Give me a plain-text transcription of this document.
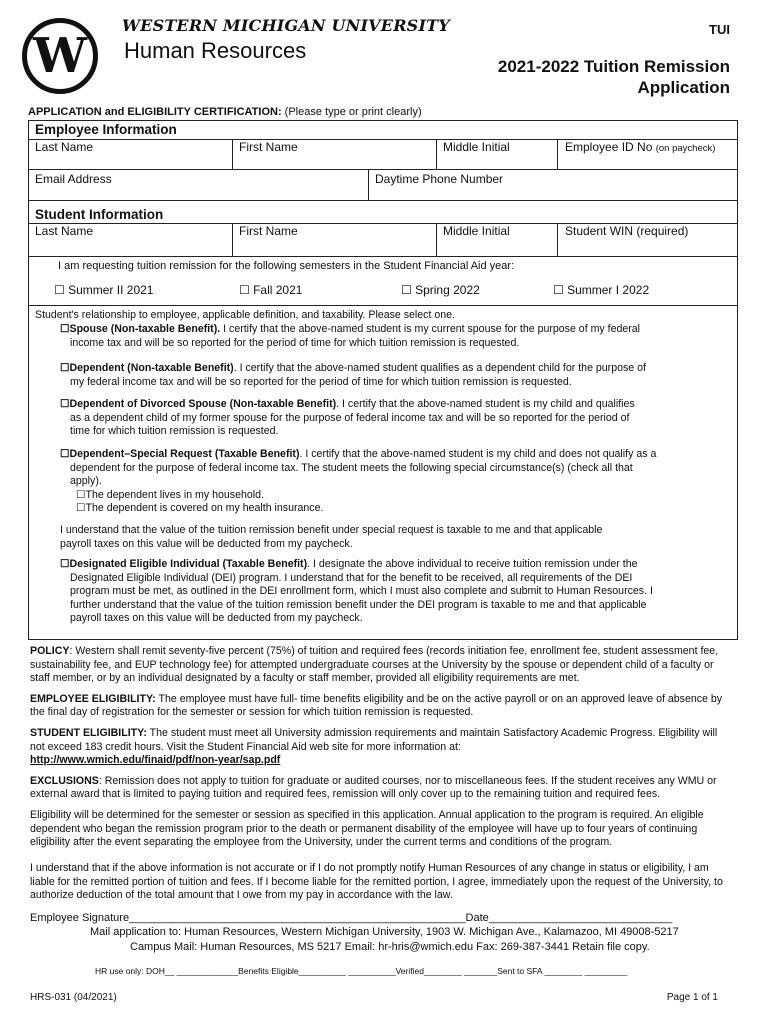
W
WESTERN MICHIGAN UNIVERSITY
Human Resources
TUI
2021-2022 Tuition Remission
Application
APPLICATION and ELIGIBILITY CERTIFICATION: (Please type or print clearly)
Employee Information
Last Name	First Name	Middle Initial	Employee ID No (on paycheck)
Email Address	Daytime Phone Number
Student Information
Last Name	First Name	Middle Initial	Student WIN (required)
I am requesting tuition remission for the following semesters in the Student Financial Aid year:
☐ Summer II 2021	☐ Fall 2021	☐ Spring 2022	☐ Summer I 2022
Student's relationship to employee, applicable definition, and taxability. Please select one.
☐Spouse (Non-taxable Benefit). I certify that the above-named student is my current spouse for the purpose of my federal
income tax and will be so reported for the period of time for which tuition remission is requested.
☐Dependent (Non-taxable Benefit). I certify that the above-named student qualifies as a dependent child for the purpose of
my federal income tax and will be so reported for the period of time for which tuition remission is requested.
☐Dependent of Divorced Spouse (Non-taxable Benefit). I certify that the above-named student is my child and qualifies
as a dependent child of my former spouse for the purpose of federal income tax and will be so reported for the period of
time for which tuition remission is requested.
☐Dependent–Special Request (Taxable Benefit). I certify that the above-named student is my child and does not qualify as a
dependent for the purpose of federal income tax. The student meets the following special circumstance(s) (check all that
apply).
☐The dependent lives in my household.
☐The dependent is covered on my health insurance.
I understand that the value of the tuition remission benefit under special request is taxable to me and that applicable
payroll taxes on this value will be deducted from my paycheck.
☐Designated Eligible Individual (Taxable Benefit). I designate the above individual to receive tuition remission under the
Designated Eligible Individual (DEI) program. I understand that for the benefit to be received, all requirements of the DEI
program must be met, as outlined in the DEI enrollment form, which I must also complete and submit to Human Resources. I
further understand that the value of the tuition remission benefit under the DEI program is taxable to me and that applicable
payroll taxes on this value will be deducted from my paycheck.

POLICY: Western shall remit seventy-five percent (75%) of tuition and required fees (records initiation fee, enrollment fee, student assessment fee, sustainability fee, and EUP technology fee) for attempted undergraduate courses at the University by the spouse or dependent child of a faculty or staff member, or by an individual designated by a faculty or staff member, provided all eligibility requirements are met.

EMPLOYEE ELIGIBILITY: The employee must have full- time benefits eligibility and be on the active payroll or on an approved leave of absence by the final day of registration for the semester or session for which tuition remission is requested.

STUDENT ELIGIBILITY: The student must meet all University admission requirements and maintain Satisfactory Academic Progress. Eligibility will not exceed 183 credit hours. Visit the Student Financial Aid web site for more information at:
http://www.wmich.edu/finaid/pdf/non-year/sap.pdf

EXCLUSIONS: Remission does not apply to tuition for graduate or audited courses, nor to miscellaneous fees. If the student receives any WMU or external award that is limited to paying tuition and required fees, remission will only cover up to the remaining tuition and required fees.

Eligibility will be determined for the semester or session as specified in this application. Annual application to the program is required. An eligible dependent who began the remission program prior to the death or permanent disability of the employee will have up to four years of continuing eligibility after the event separating the employee from the University, under the current terms and conditions of the program.

I understand that if the above information is not accurate or if I do not promptly notify Human Resources of any change in status or eligibility, I am liable for the remitted portion of tuition and fees. If I become liable for the remitted portion, I agree, immediately upon the request of the University, to authorize deduction of the total amount that I owe from my pay in accordance with the law.
Employee Signature_______________________________________________________Date______________________________
Mail application to: Human Resources, Western Michigan University, 1903 W. Michigan Ave., Kalamazoo, MI 49008-5217
Campus Mail: Human Resources, MS 5217 Email: hr-hris@wmich.edu Fax: 269-387-3441 Retain file copy.
HR use only: DOH__ _____________Benefits Eligible__________ __________Verified________ _______Sent to SFA ________ _________
HRS-031 (04/2021)	Page 1 of 1
